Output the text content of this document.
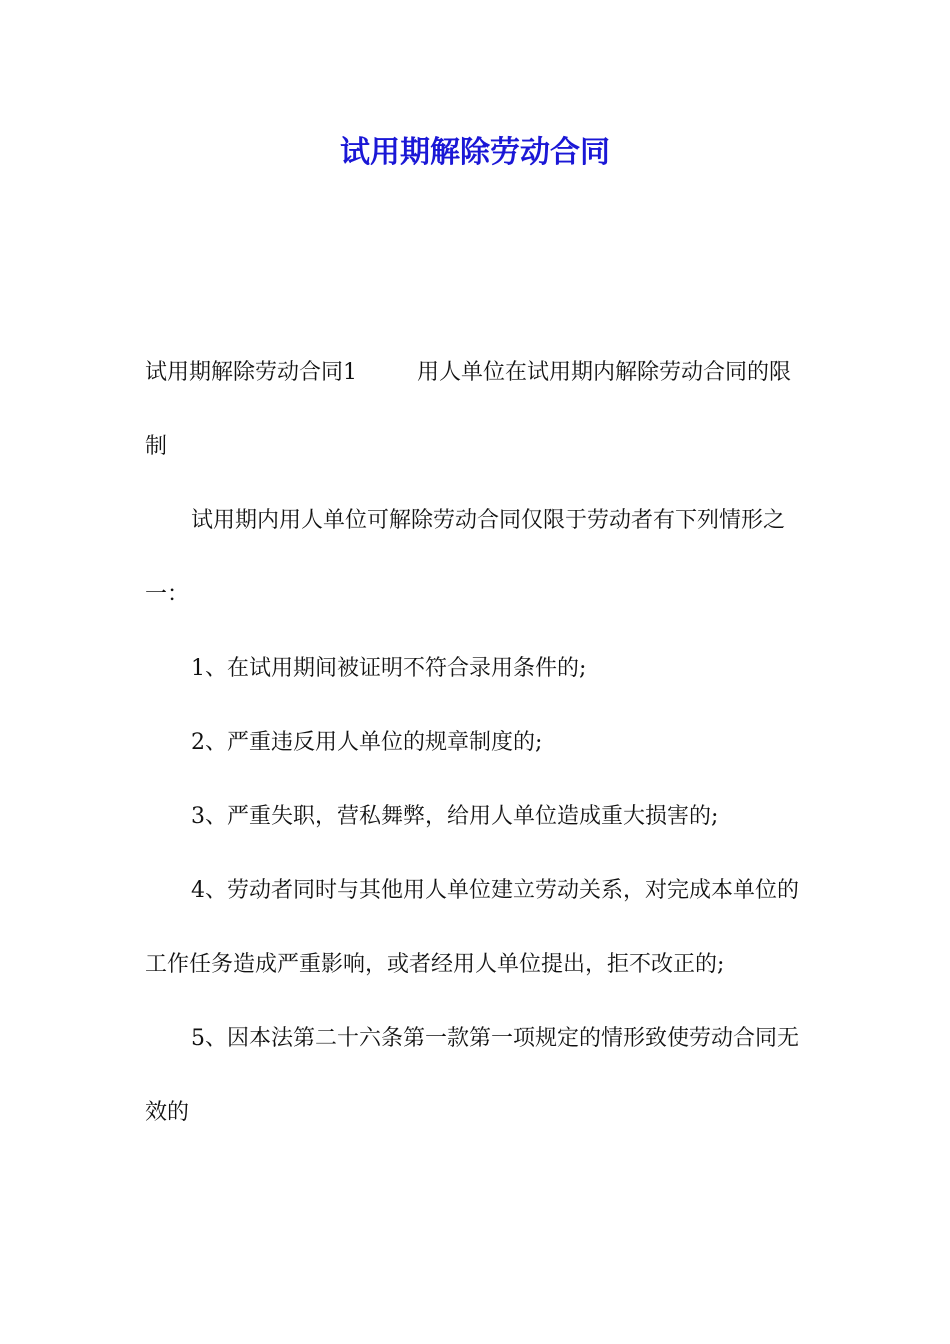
试用期解除劳动合同

试用期解除劳动合同1	用人单位在试用期内解除劳动合同的限制

试用期内用人单位可解除劳动合同仅限于劳动者有下列情形之一：

1、在试用期间被证明不符合录用条件的;

2、严重违反用人单位的规章制度的;

3、严重失职，营私舞弊，给用人单位造成重大损害的;

4、劳动者同时与其他用人单位建立劳动关系，对完成本单位的工作任务造成严重影响，或者经用人单位提出，拒不改正的;

5、因本法第二十六条第一款第一项规定的情形致使劳动合同无效的
